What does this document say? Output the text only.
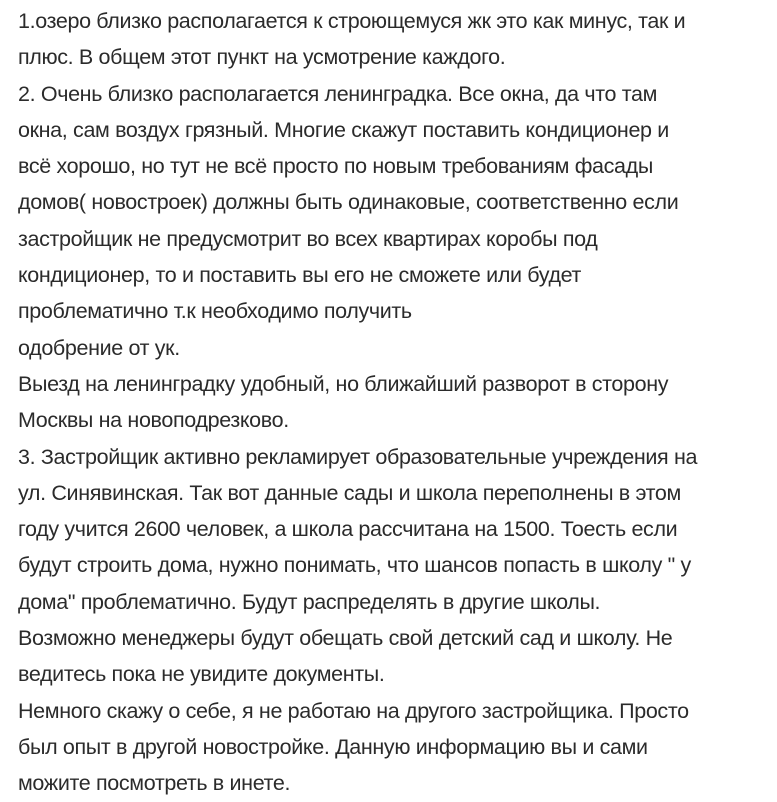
1.озеро близко располагается к строющемуся жк это как минус, так и
плюс. В общем этот пункт на усмотрение каждого.
2. Очень близко располагается ленинградка. Все окна, да что там
окна, сам воздух грязный. Многие скажут поставить кондиционер и
всё хорошо, но тут не всё просто по новым требованиям фасады
домов( новостроек) должны быть одинаковые, соответственно если
застройщик не предусмотрит во всех квартирах коробы под
кондиционер, то и поставить вы его не сможете или будет
проблематично т.к необходимо получить
одобрение от ук.
Выезд на ленинградку удобный, но ближайший разворот в сторону
Москвы на новоподрезково.
3. Застройщик активно рекламирует образовательные учреждения на
ул. Синявинская. Так вот данные сады и школа переполнены в этом
году учится 2600 человек, а школа рассчитана на 1500. Тоесть если
будут строить дома, нужно понимать, что шансов попасть в школу " у
дома" проблематично. Будут распределять в другие школы.
Возможно менеджеры будут обещать свой детский сад и школу. Не
ведитесь пока не увидите документы.
Немного скажу о себе, я не работаю на другого застройщика. Просто
был опыт в другой новостройке. Данную информацию вы и сами
можите посмотреть в инете.
